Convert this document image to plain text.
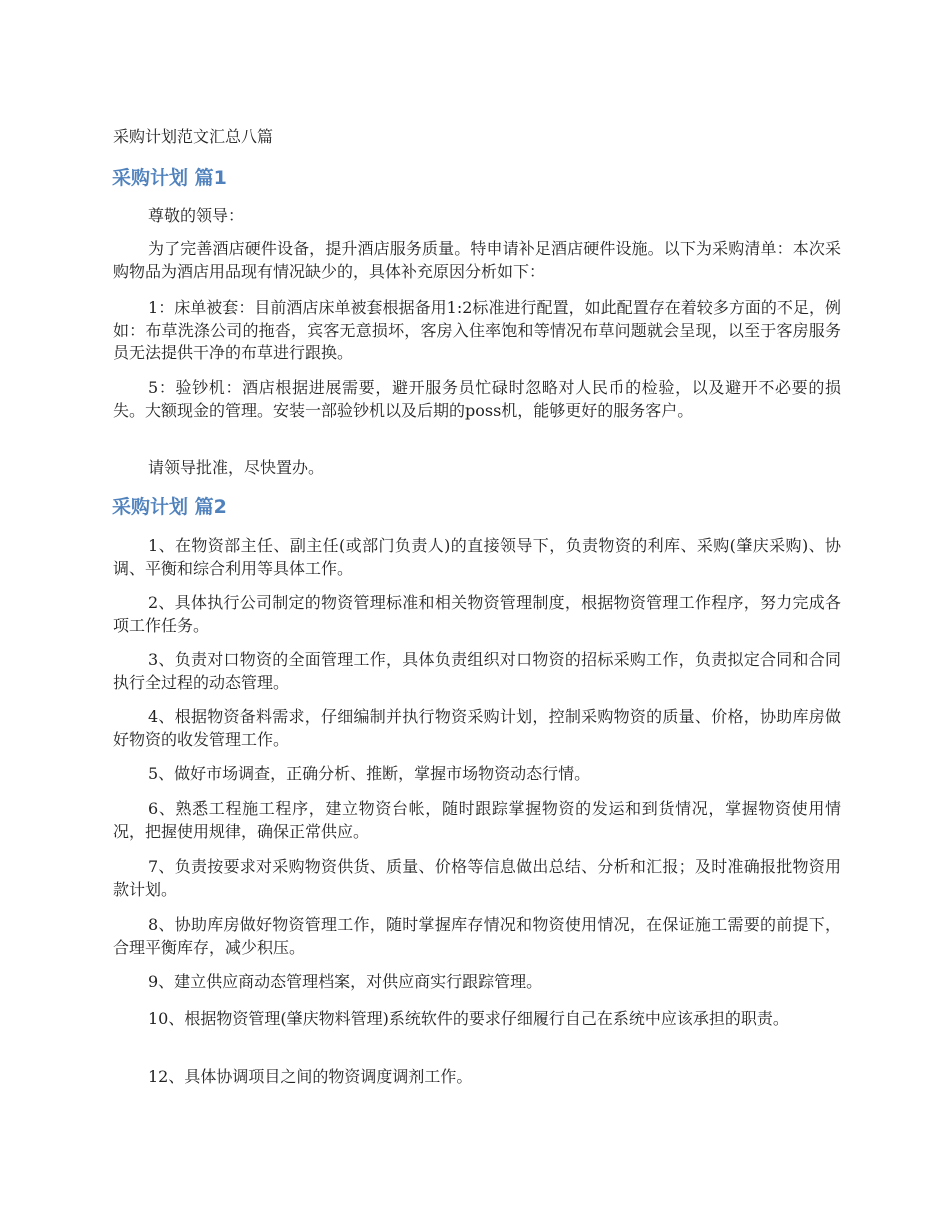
采购计划范文汇总八篇
采购计划 篇1

尊敬的领导：

为了完善酒店硬件设备，提升酒店服务质量。特申请补足酒店硬件设施。以下为采购清单：本次采购物品为酒店用品现有情况缺少的，具体补充原因分析如下：

1：床单被套：目前酒店床单被套根据备用1:2标准进行配置，如此配置存在着较多方面的不足，例如：布草洗涤公司的拖沓，宾客无意损坏，客房入住率饱和等情况布草问题就会呈现，以至于客房服务员无法提供干净的布草进行跟换。

5：验钞机：酒店根据进展需要，避开服务员忙碌时忽略对人民币的检验，以及避开不必要的损失。大额现金的管理。安装一部验钞机以及后期的poss机，能够更好的服务客户。

请领导批准，尽快置办。

采购计划 篇2

1、在物资部主任、副主任(或部门负责人)的直接领导下，负责物资的利库、采购(肇庆采购)、协调、平衡和综合利用等具体工作。

2、具体执行公司制定的物资管理标准和相关物资管理制度，根据物资管理工作程序，努力完成各项工作任务。

3、负责对口物资的全面管理工作，具体负责组织对口物资的招标采购工作，负责拟定合同和合同执行全过程的动态管理。

4、根据物资备料需求，仔细编制并执行物资采购计划，控制采购物资的质量、价格，协助库房做好物资的收发管理工作。

5、做好市场调查，正确分析、推断，掌握市场物资动态行情。

6、熟悉工程施工程序，建立物资台帐，随时跟踪掌握物资的发运和到货情况，掌握物资使用情况，把握使用规律，确保正常供应。

7、负责按要求对采购物资供货、质量、价格等信息做出总结、分析和汇报；及时准确报批物资用款计划。

8、协助库房做好物资管理工作，随时掌握库存情况和物资使用情况，在保证施工需要的前提下，合理平衡库存，减少积压。

9、建立供应商动态管理档案，对供应商实行跟踪管理。

10、根据物资管理(肇庆物料管理)系统软件的要求仔细履行自己在系统中应该承担的职责。

12、具体协调项目之间的物资调度调剂工作。
